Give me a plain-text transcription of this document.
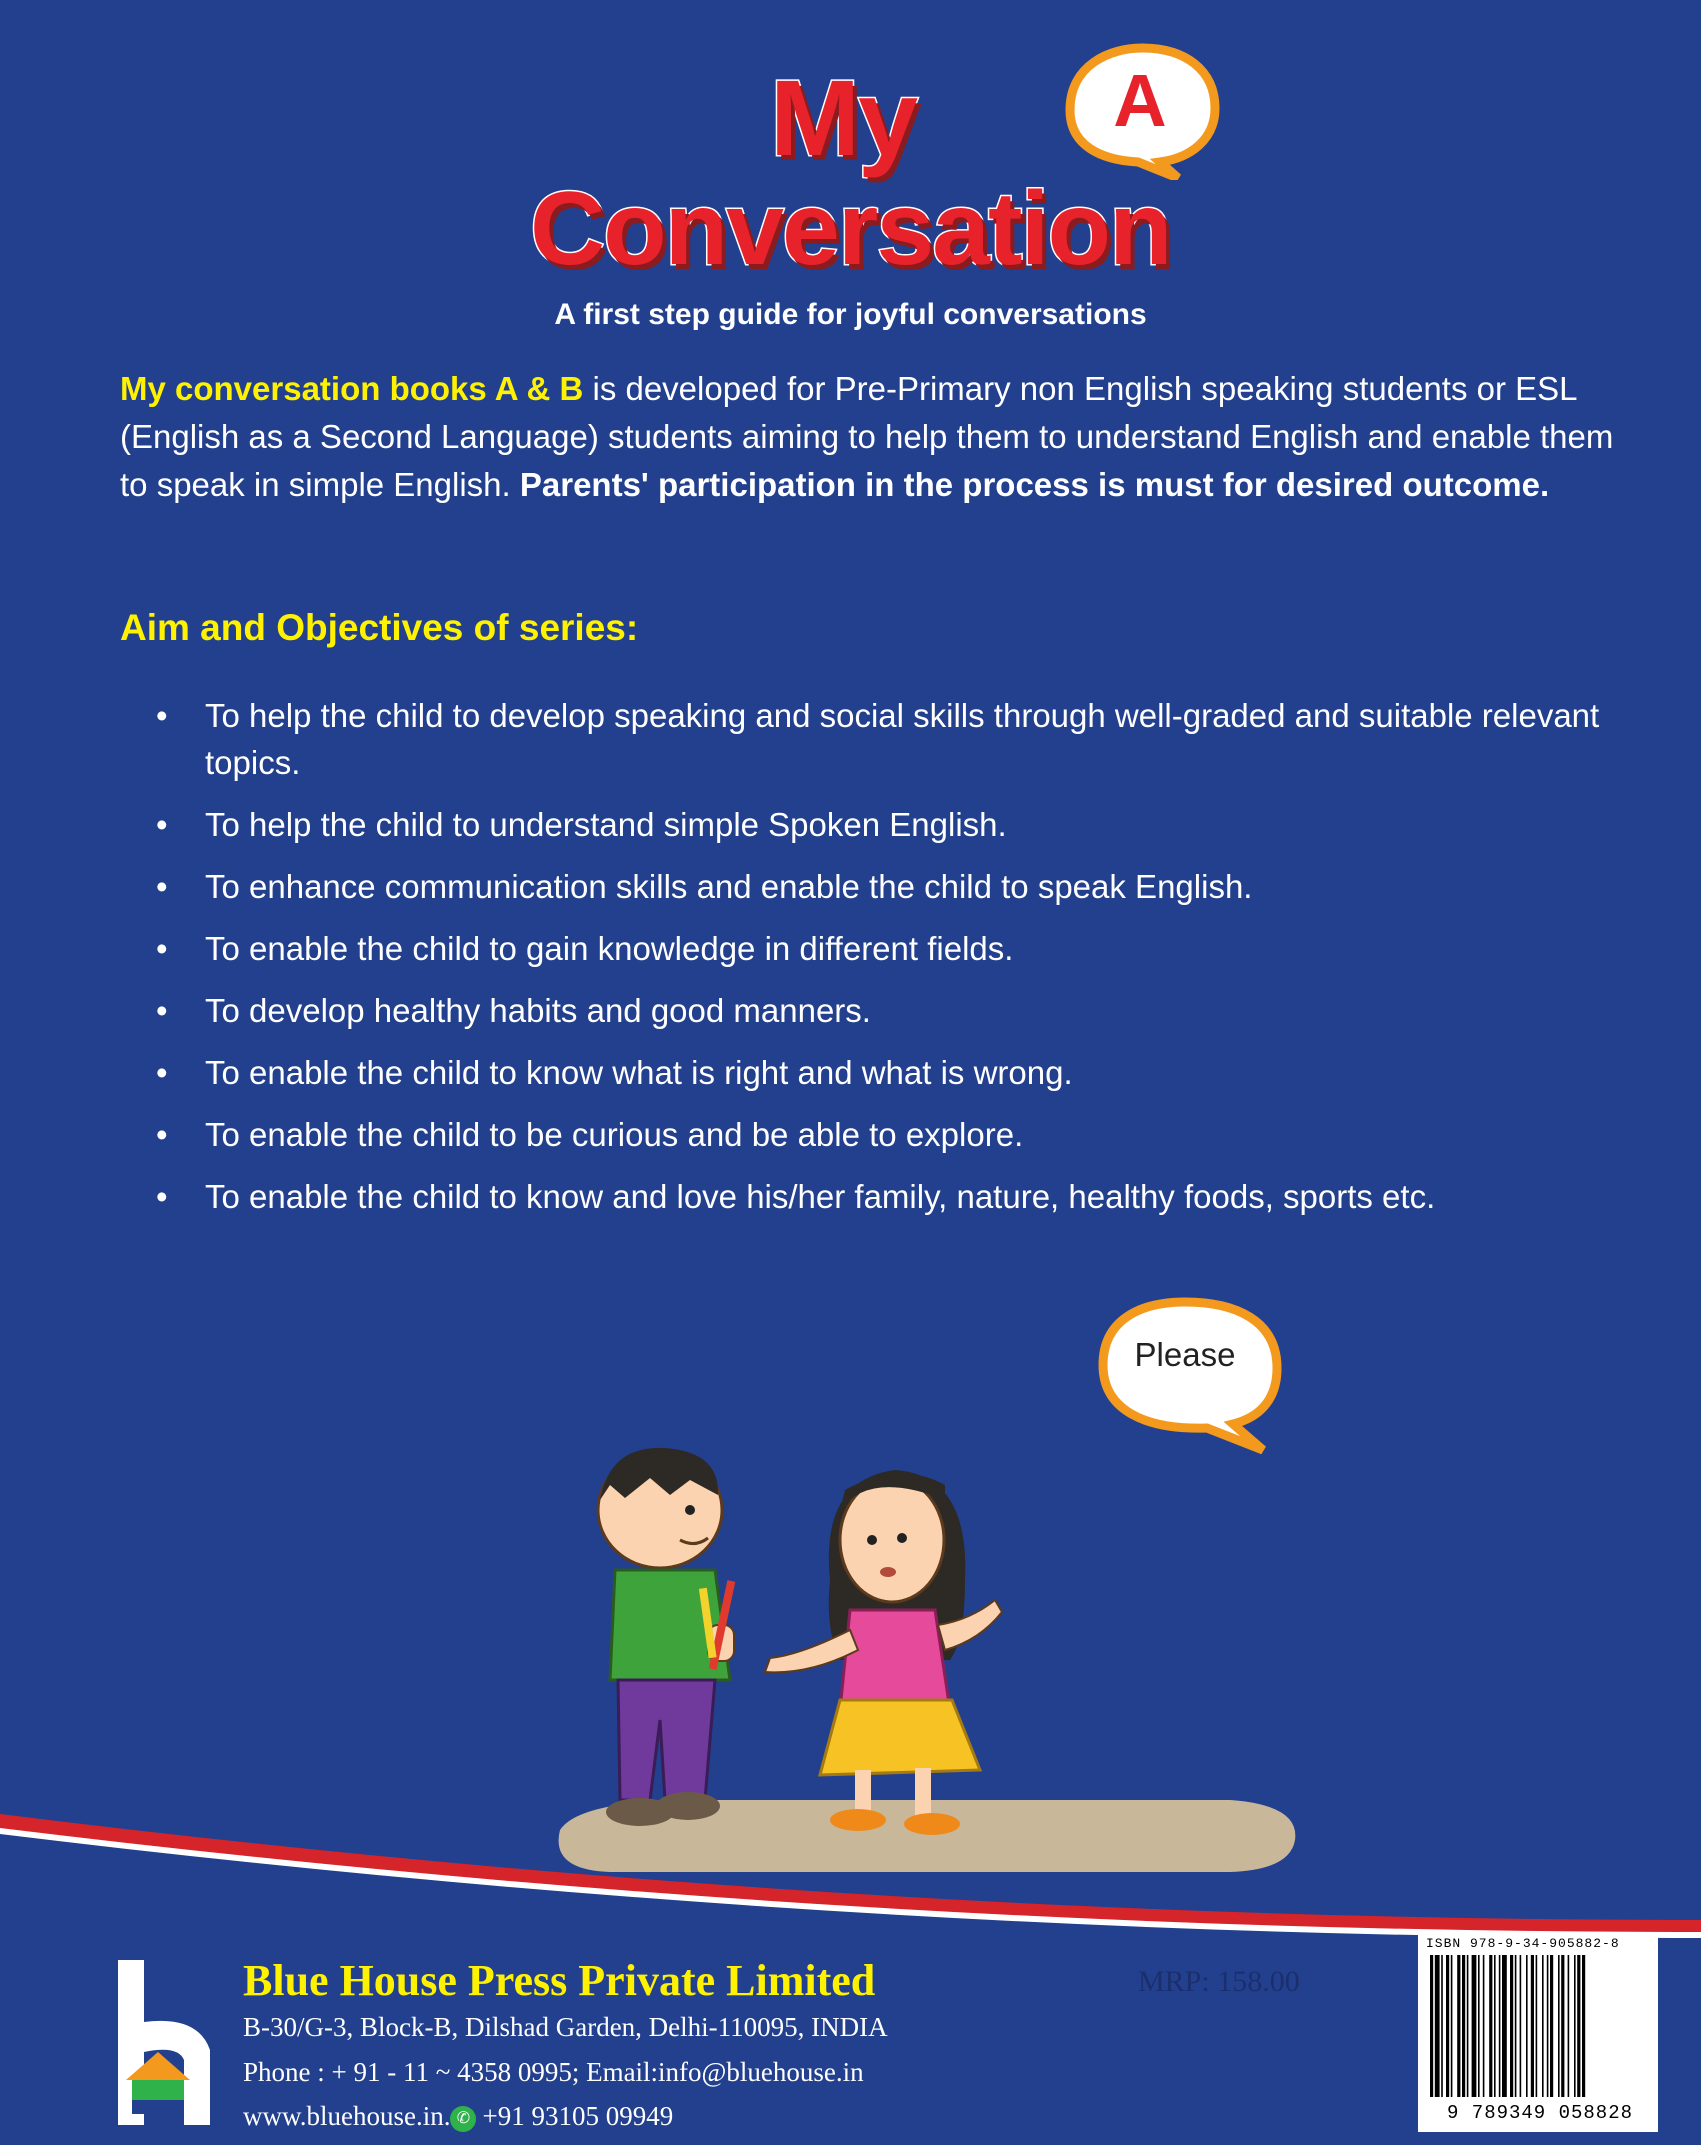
A
My
Conversation
A first step guide for joyful conversations
My conversation books A & B is developed for Pre-Primary non English speaking students or ESL (English as a Second Language) students aiming to help them to understand English and enable them to speak in simple English. Parents' participation in the process is must for desired outcome.
Aim and Objectives of series:
• To help the child to develop speaking and social skills through well-graded and suitable relevant topics.
• To help the child to understand simple Spoken English.
• To enhance communication skills and enable the child to speak English.
• To enable the child to gain knowledge in different fields.
• To develop healthy habits and good manners.
• To enable the child to know what is right and what is wrong.
• To enable the child to be curious and be able to explore.
• To enable the child to know and love his/her family, nature, healthy foods, sports etc.
Please
Blue House Press Private Limited
B-30/G-3, Block-B, Dilshad Garden, Delhi-110095, INDIA
Phone : + 91 - 11 ~ 4358 0995; Email:info@bluehouse.in
www.bluehouse.in. ✆ +91 93105 09949
MRP: 158.00
ISBN 978-9-34-905882-8
9 789349 058828
